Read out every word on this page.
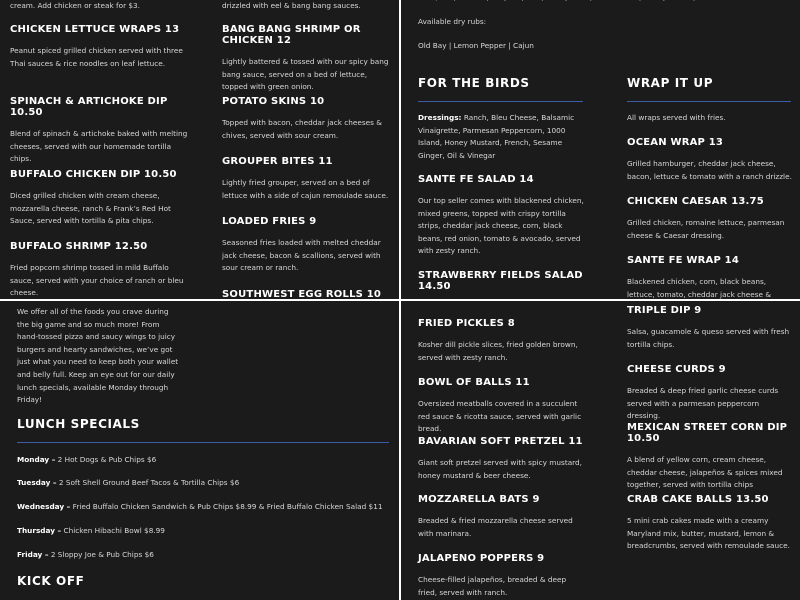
cream. Add chicken or steak for $3.

CHICKEN LETTUCE WRAPS 13

Peanut spiced grilled chicken served with three Thai sauces & rice noodles on leaf lettuce.

SPINACH & ARTICHOKE DIP 10.50

Blend of spinach & artichoke baked with melting cheeses, served with our homemade tortilla chips.

BUFFALO CHICKEN DIP 10.50

Diced grilled chicken with cream cheese, mozzarella cheese, ranch & Frank’s Red Hot Sauce, served with tortilla & pita chips.

BUFFALO SHRIMP 12.50

Fried popcorn shrimp tossed in mild Buffalo sauce, served with your choice of ranch or bleu cheese.

drizzled with eel & bang bang sauces.

BANG BANG SHRIMP OR CHICKEN 12

Lightly battered & tossed with our spicy bang bang sauce, served on a bed of lettuce, topped with green onion.

POTATO SKINS 10

Topped with bacon, cheddar jack cheeses & chives, served with sour cream.

GROUPER BITES 11

Lightly fried grouper, served on a bed of lettuce with a side of cajun remoulade sauce.

LOADED FRIES 9

Seasoned fries loaded with melted cheddar jack cheese, bacon & scallions, served with sour cream or ranch.

SOUTHWEST EGG ROLLS 10

Available dry rubs:

Old Bay | Lemon Pepper | Cajun

FOR THE BIRDS

Dressings: Ranch, Bleu Cheese, Balsamic Vinaigrette, Parmesan Peppercorn, 1000 Island, Honey Mustard, French, Sesame Ginger, Oil & Vinegar

SANTE FE SALAD 14

Our top seller comes with blackened chicken, mixed greens, topped with crispy tortilla strips, cheddar jack cheese, corn, black beans, red onion, tomato & avocado, served with zesty ranch.

STRAWBERRY FIELDS SALAD 14.50

WRAP IT UP

All wraps served with fries.

OCEAN WRAP 13

Grilled hamburger, cheddar jack cheese, bacon, lettuce & tomato with a ranch drizzle.

CHICKEN CAESAR 13.75

Grilled chicken, romaine lettuce, parmesan cheese & Caesar dressing.

SANTE FE WRAP 14

Blackened chicken, corn, black beans, lettuce, tomato, cheddar jack cheese &

We offer all of the foods you crave during the big game and so much more! From hand-tossed pizza and saucy wings to juicy burgers and hearty sandwiches, we’ve got just what you need to keep both your wallet and belly full. Keep an eye out for our daily lunch specials, available Monday through Friday!

LUNCH SPECIALS

Monday – 2 Hot Dogs & Pub Chips $6

Tuesday – 2 Soft Shell Ground Beef Tacos & Tortilla Chips $6

Wednesday – Fried Buffalo Chicken Sandwich & Pub Chips $8.99 & Fried Buffalo Chicken Salad $11

Thursday – Chicken Hibachi Bowl $8.99

Friday – 2 Sloppy Joe & Pub Chips $6

KICK OFF

FRIED PICKLES 8

Kosher dill pickle slices, fried golden brown, served with zesty ranch.

BOWL OF BALLS 11

Oversized meatballs covered in a succulent red sauce & ricotta sauce, served with garlic bread.

BAVARIAN SOFT PRETZEL 11

Giant soft pretzel served with spicy mustard, honey mustard & beer cheese.

MOZZARELLA BATS 9

Breaded & fried mozzarella cheese served with marinara.

JALAPENO POPPERS 9

Cheese-filled jalapeños, breaded & deep fried, served with ranch.

TRIPLE DIP 9

Salsa, guacamole & queso served with fresh tortilla chips.

CHEESE CURDS 9

Breaded & deep fried garlic cheese curds served with a parmesan peppercorn dressing.

MEXICAN STREET CORN DIP 10.50

A blend of yellow corn, cream cheese, cheddar cheese, jalapeños & spices mixed together, served with tortilla chips

CRAB CAKE BALLS 13.50

5 mini crab cakes made with a creamy Maryland mix, butter, mustard, lemon & breadcrumbs, served with remoulade sauce.
